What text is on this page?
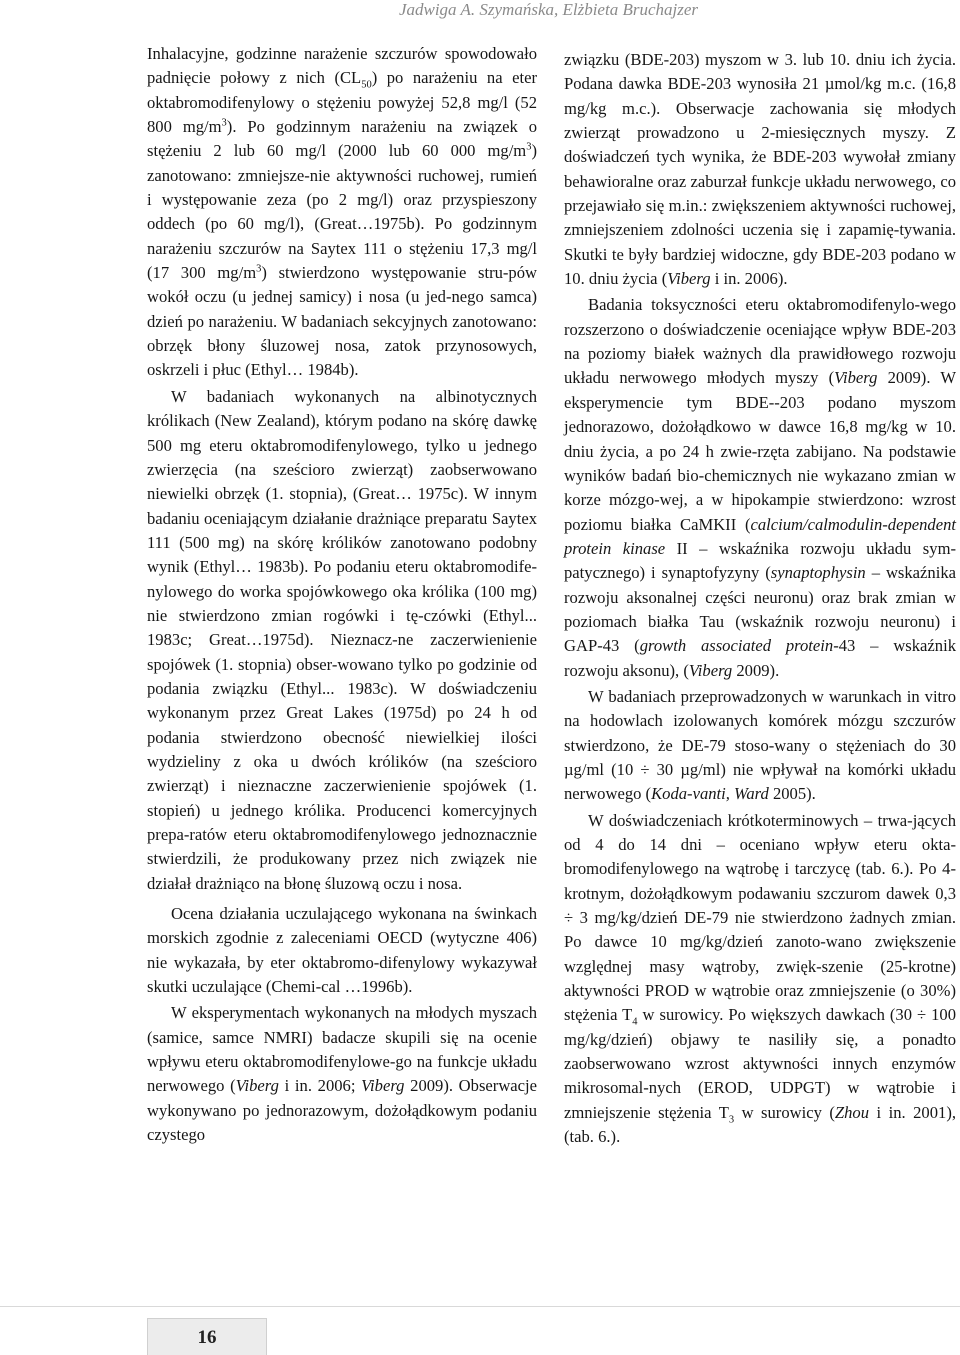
Jadwiga A. Szymańska, Elżbieta Bruchajzer

Inhalacyjne, godzinne narażenie szczurów spowodowało padnięcie połowy z nich $(CL_{50})$ po narażeniu na eter oktabromodifenylowy o stężeniu powyżej 52,8 mg/l (52 800 $mg/m^3$). Po godzinnym narażeniu na związek o stężeniu 2 lub 60 mg/l (2000 lub 60 000 $mg/m^3$) zanotowano: zmniejsze-nie aktywności ruchowej, rumień i występowanie zeza (po 2 mg/l) oraz przyspieszony oddech (po 60 mg/l), (Great…1975b). Po godzinnym narażeniu szczurów na Saytex 111 o stężeniu 17,3 mg/l (17 300 $mg/m^3$) stwierdzono występowanie stru-pów wokół oczu (u jednej samicy) i nosa (u jed-nego samca) dzień po narażeniu. W badaniach sekcyjnych zanotowano: obrzęk błony śluzowej nosa, zatok przynosowych, oskrzeli i płuc (Ethyl… 1984b).

W badaniach wykonanych na albinotycznych królikach (New Zealand), którym podano na skórę dawkę 500 mg eteru oktabromodifenylowego, tylko u jednego zwierzęcia (na sześcioro zwierząt) zaobserwowano niewielki obrzęk (1. stopnia), (Great… 1975c). W innym badaniu oceniającym działanie drażniące preparatu Saytex 111 (500 mg) na skórę królików zanotowano podobny wynik (Ethyl… 1983b). Po podaniu eteru oktabromodife-nylowego do worka spojówkowego oka królika (100 mg) nie stwierdzono zmian rogówki i tę-czówki (Ethyl... 1983c; Great…1975d). Nieznacz-ne zaczerwienienie spojówek (1. stopnia) obser-wowano tylko po godzinie od podania związku (Ethyl... 1983c). W doświadczeniu wykonanym przez Great Lakes (1975d) po 24 h od podania stwierdzono obecność niewielkiej ilości wydzieliny z oka u dwóch królików (na sześcioro zwierząt) i nieznaczne zaczerwienienie spojówek (1. stopień) u jednego królika. Producenci komercyjnych prepa-ratów eteru oktabromodifenylowego jednoznacznie stwierdzili, że produkowany przez nich związek nie działał drażniąco na błonę śluzową oczu i nosa.

Ocena działania uczulającego wykonana na świnkach morskich zgodnie z zaleceniami OECD (wytyczne 406) nie wykazała, by eter oktabromo-difenylowy wykazywał skutki uczulające (Chemi-cal …1996b).

W eksperymentach wykonanych na młodych myszach (samice, samce NMRI) badacze skupili się na ocenie wpływu eteru oktabromodifenylowe-go na funkcje układu nerwowego (Viberg i in. 2006; Viberg 2009). Obserwacje wykonywano po jednorazowym, dożołądkowym podaniu czystego

związku (BDE-203) myszom w 3. lub 10. dniu ich życia. Podana dawka BDE-203 wynosiła 21 µmol/kg m.c. (16,8 mg/kg m.c.). Obserwacje zachowania się młodych zwierząt prowadzono u 2-miesięcznych myszy. Z doświadczeń tych wynika, że BDE-203 wywołał zmiany behawioralne oraz zaburzał funkcje układu nerwowego, co przejawiało się m.in.: zwiększeniem aktywności ruchowej, zmniejszeniem zdolności uczenia się i zapamię-tywania. Skutki te były bardziej widoczne, gdy BDE-203 podano w 10. dniu życia (Viberg i in. 2006).

Badania toksyczności eteru oktabromodifenylo-wego rozszerzono o doświadczenie oceniające wpływ BDE-203 na poziomy białek ważnych dla prawidłowego rozwoju układu nerwowego młodych myszy (Viberg 2009). W eksperymencie tym BDE--203 podano myszom jednorazowo, dożołądkowo w dawce 16,8 mg/kg w 10. dniu życia, a po 24 h zwie-rzęta zabijano. Na podstawie wyników badań bio-chemicznych nie wykazano zmian w korze mózgo-wej, a w hipokampie stwierdzono: wzrost poziomu białka CaMKII (calcium/calmodulin-dependent protein kinase II – wskaźnika rozwoju układu sym-patycznego) i synaptofyzyny (synaptophysin – wskaźnika rozwoju aksonalnej części neuronu) oraz brak zmian w poziomach białka Tau (wskaźnik rozwoju neuronu) i GAP-43 (growth associated protein-43 – wskaźnik rozwoju aksonu), (Viberg 2009).

W badaniach przeprowadzonych w warunkach in vitro na hodowlach izolowanych komórek mózgu szczurów stwierdzono, że DE-79 stoso-wany o stężeniach do 30 µg/ml (10 ÷ 30 µg/ml) nie wpływał na komórki układu nerwowego (Koda-vanti, Ward 2005).

W doświadczeniach krótkoterminowych – trwa-jących od 4 do 14 dni – oceniano wpływ eteru okta-bromodifenylowego na wątrobę i tarczycę (tab. 6.). Po 4-krotnym, dożołądkowym podawaniu szczurom dawek 0,3 ÷ 3 mg/kg/dzień DE-79 nie stwierdzono żadnych zmian. Po dawce 10 mg/kg/dzień zanoto-wano zwiększenie względnej masy wątroby, zwięk-szenie (25-krotne) aktywności PROD w wątrobie oraz zmniejszenie (o 30%) stężenia $T_4$ w surowicy. Po większych dawkach (30 ÷ 100 mg/kg/dzień) objawy te nasiliły się, a ponadto zaobserwowano wzrost aktywności innych enzymów mikrosomal-nych (EROD, UDPGT) w wątrobie i zmniejszenie stężenia $T_3$ w surowicy (Zhou i in. 2001), (tab. 6.).

16
